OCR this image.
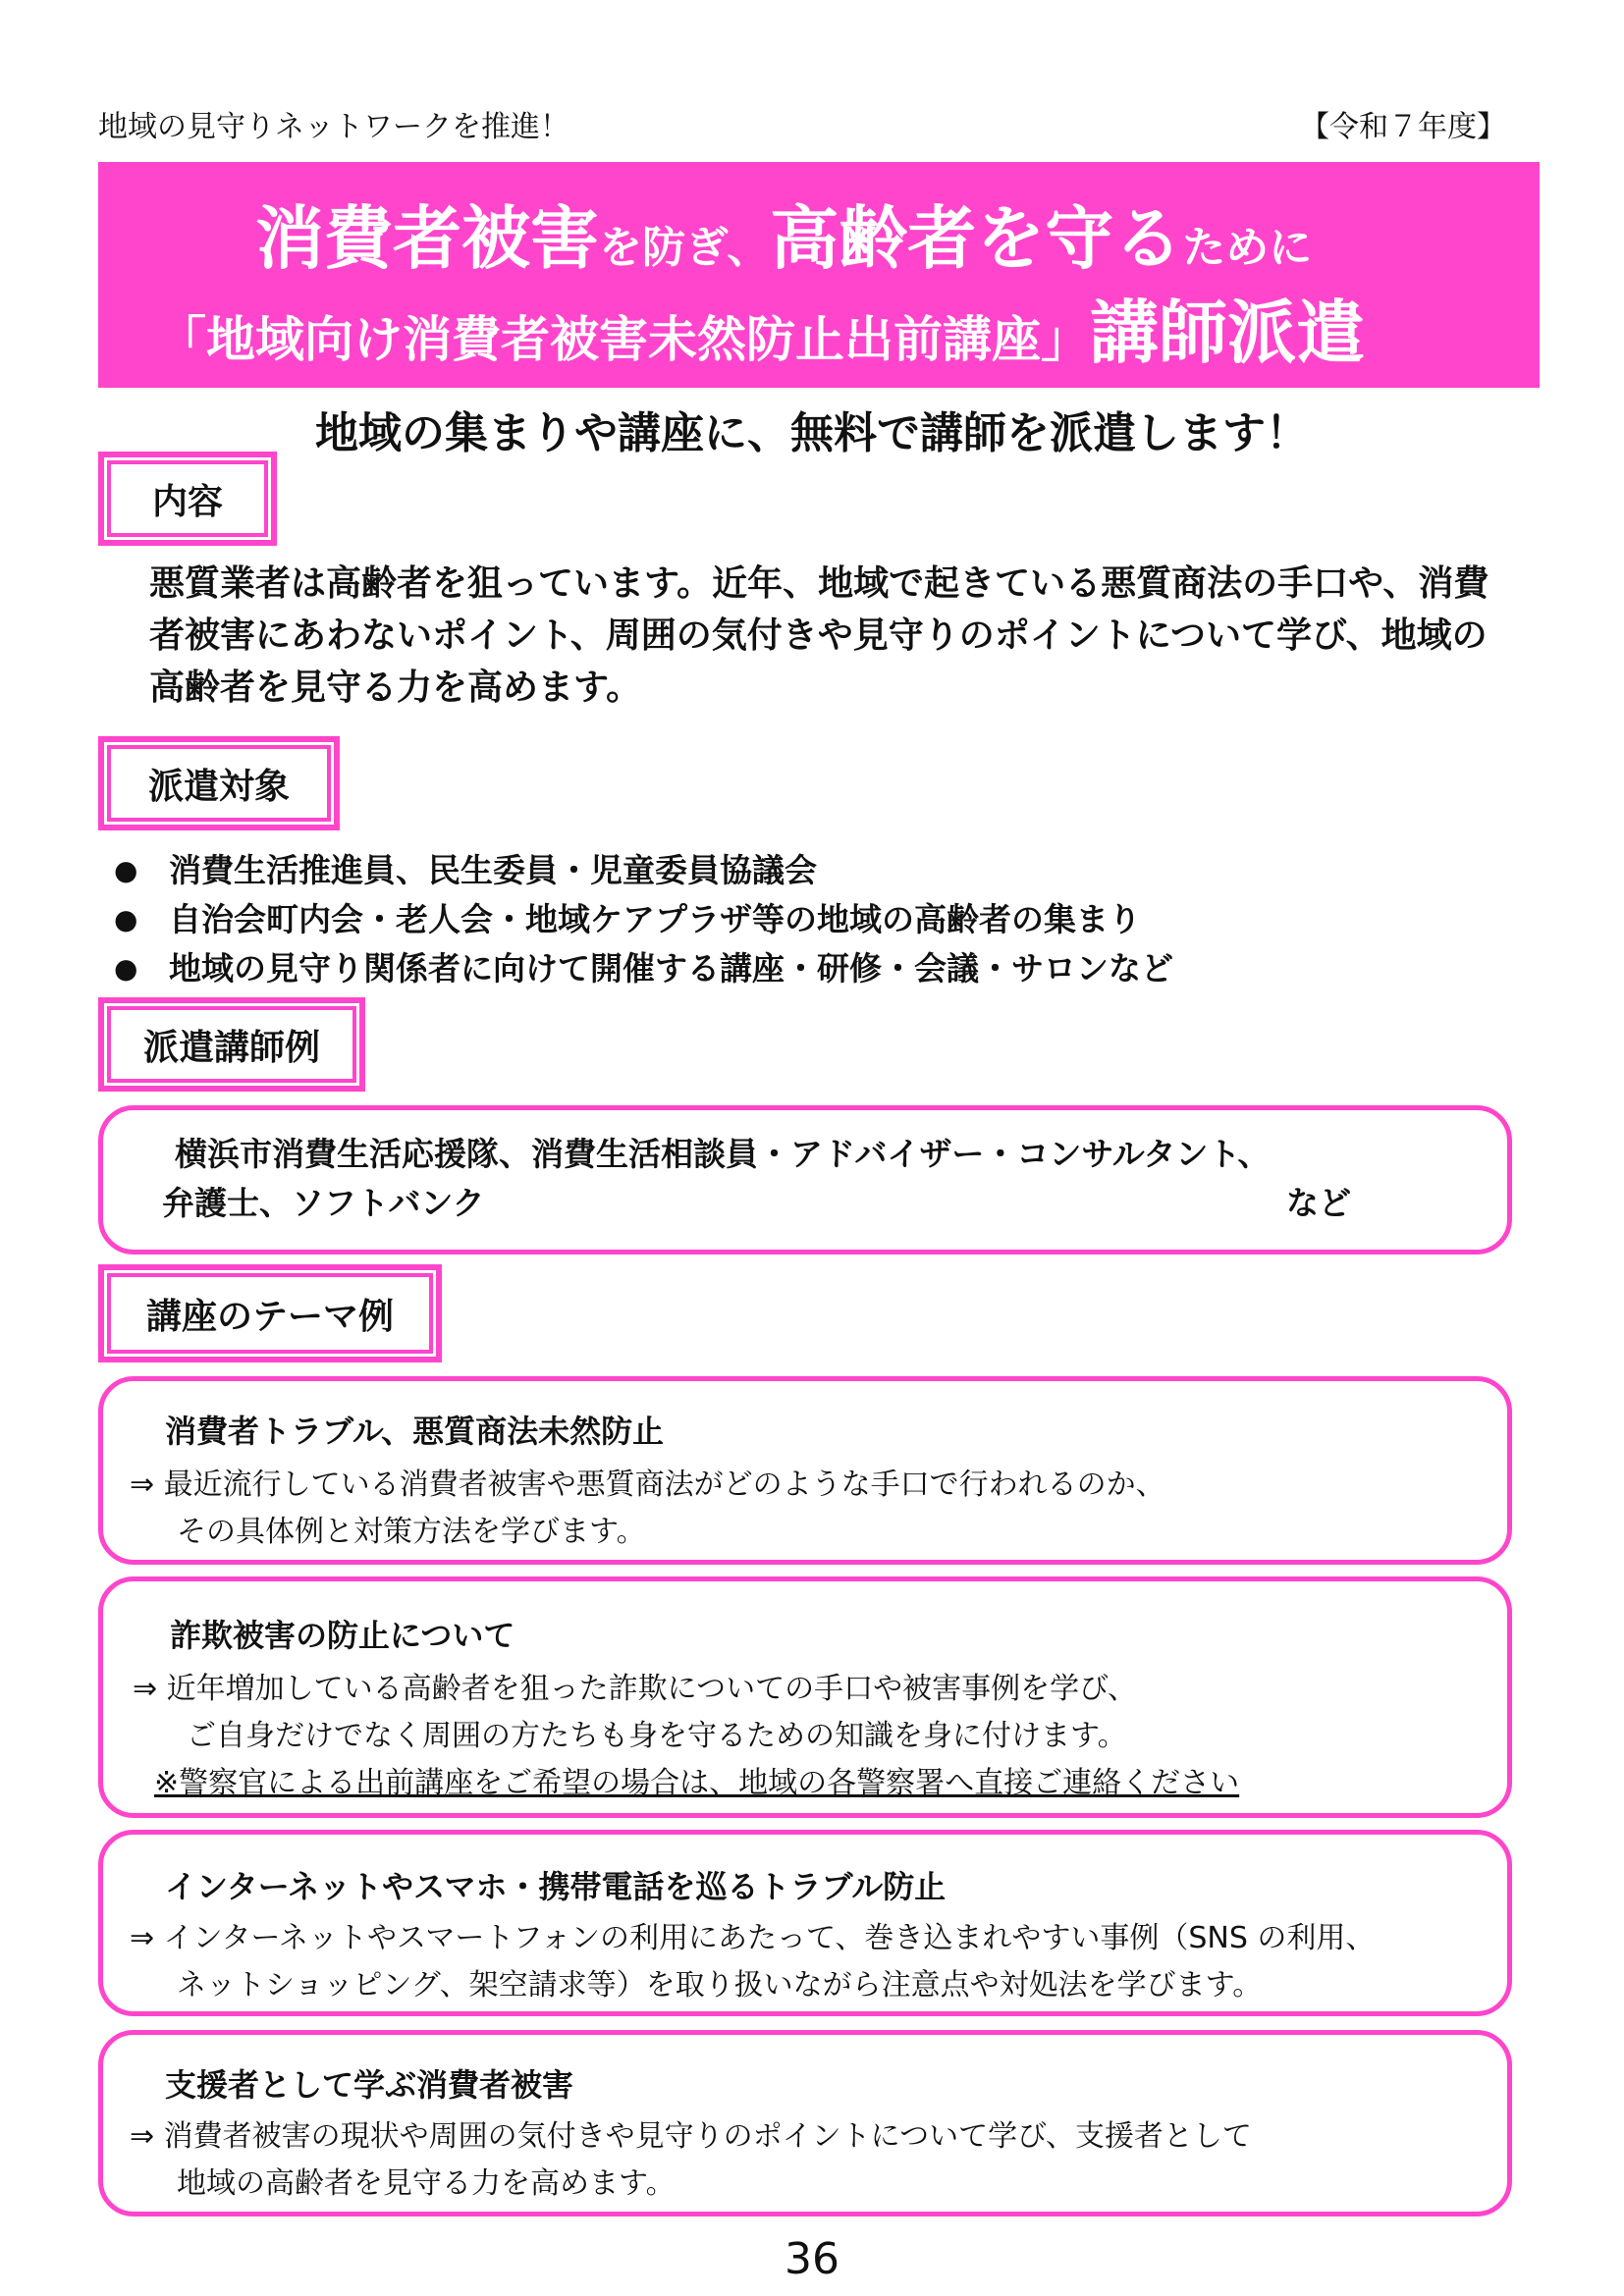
地域の見守りネットワークを推進！	【令和７年度】
消費者被害を防ぎ、高齢者を守るために
「地域向け消費者被害未然防止出前講座」講師派遣
地域の集まりや講座に、無料で講師を派遣します！
内容
悪質業者は高齢者を狙っています。近年、地域で起きている悪質商法の手口や、消費者被害にあわないポイント、周囲の気付きや見守りのポイントについて学び、地域の高齢者を見守る力を高めます。
派遣対象
● 消費生活推進員、民生委員・児童委員協議会
● 自治会町内会・老人会・地域ケアプラザ等の地域の高齢者の集まり
● 地域の見守り関係者に向けて開催する講座・研修・会議・サロンなど
派遣講師例
横浜市消費生活応援隊、消費生活相談員・アドバイザー・コンサルタント、
弁護士、ソフトバンク	など
講座のテーマ例
消費者トラブル、悪質商法未然防止
⇒ 最近流行している消費者被害や悪質商法がどのような手口で行われるのか、
その具体例と対策方法を学びます。
詐欺被害の防止について
⇒ 近年増加している高齢者を狙った詐欺についての手口や被害事例を学び、
ご自身だけでなく周囲の方たちも身を守るための知識を身に付けます。
※警察官による出前講座をご希望の場合は、地域の各警察署へ直接ご連絡ください
インターネットやスマホ・携帯電話を巡るトラブル防止
⇒ インターネットやスマートフォンの利用にあたって、巻き込まれやすい事例（SNS の利用、
ネットショッピング、架空請求等）を取り扱いながら注意点や対処法を学びます。
支援者として学ぶ消費者被害
⇒ 消費者被害の現状や周囲の気付きや見守りのポイントについて学び、支援者として
地域の高齢者を見守る力を高めます。
36
